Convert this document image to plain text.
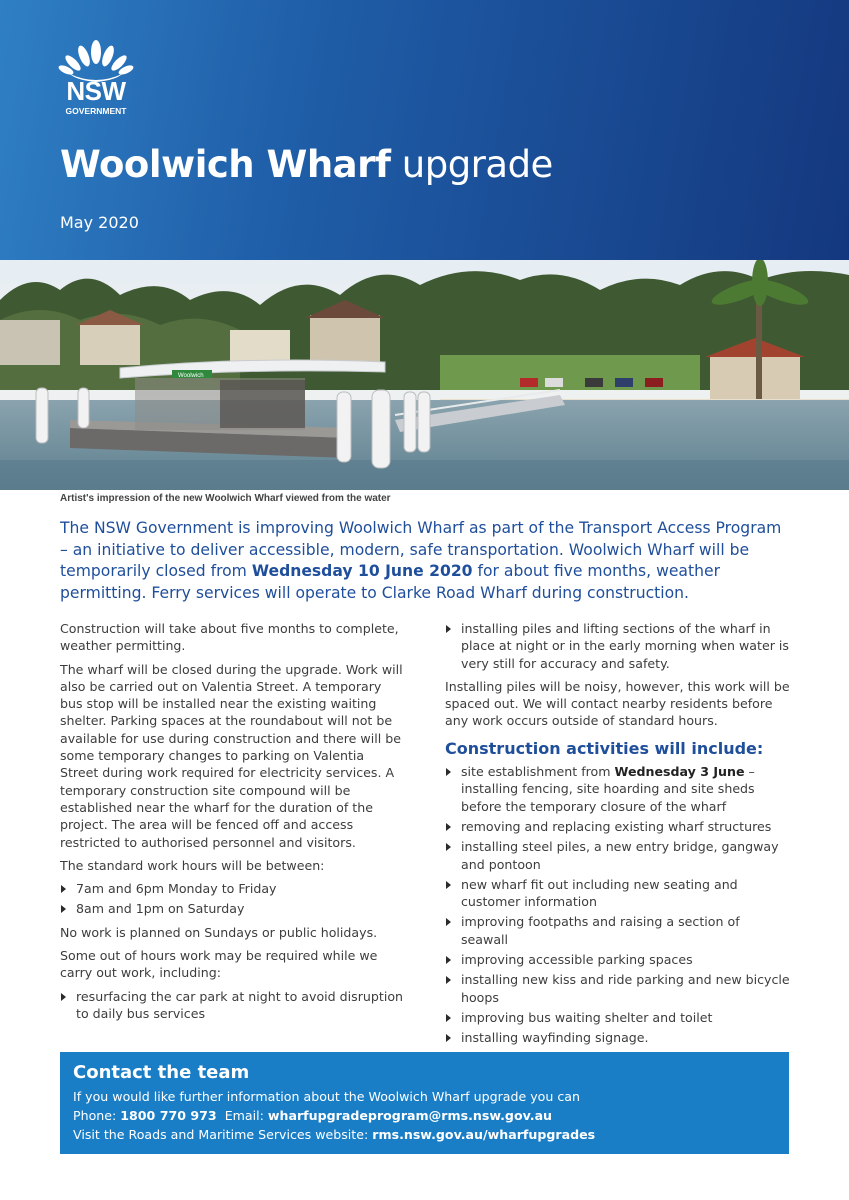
NSW
GOVERNMENT
Woolwich Wharf upgrade
May 2020
Woolwich
Artist's impression of the new Woolwich Wharf viewed from the water

The NSW Government is improving Woolwich Wharf as part of the Transport Access Program – an initiative to deliver accessible, modern, safe transportation. Woolwich Wharf will be temporarily closed from Wednesday 10 June 2020 for about five months, weather permitting. Ferry services will operate to Clarke Road Wharf during construction.

Construction will take about five months to complete, weather permitting.

The wharf will be closed during the upgrade. Work will also be carried out on Valentia Street. A temporary bus stop will be installed near the existing waiting shelter. Parking spaces at the roundabout will not be available for use during construction and there will be some temporary changes to parking on Valentia Street during work required for electricity services. A temporary construction site compound will be established near the wharf for the duration of the project. The area will be fenced off and access restricted to authorised personnel and visitors.

The standard work hours will be between:

7am and 6pm Monday to Friday
8am and 1pm on Saturday

No work is planned on Sundays or public holidays.

Some out of hours work may be required while we carry out work, including:

resurfacing the car park at night to avoid disruption to daily bus services
installing piles and lifting sections of the wharf in place at night or in the early morning when water is very still for accuracy and safety.

Installing piles will be noisy, however, this work will be spaced out. We will contact nearby residents before any work occurs outside of standard hours.

Construction activities will include:
site establishment from Wednesday 3 June – installing fencing, site hoarding and site sheds before the temporary closure of the wharf
removing and replacing existing wharf structures
installing steel piles, a new entry bridge, gangway and pontoon
new wharf fit out including new seating and customer information
improving footpaths and raising a section of seawall
improving accessible parking spaces
installing new kiss and ride parking and new bicycle hoops
improving bus waiting shelter and toilet
installing wayfinding signage.
Contact the team
If you would like further information about the Woolwich Wharf upgrade you can
Phone: 1800 770 973 Email: wharfupgradeprogram@rms.nsw.gov.au
Visit the Roads and Maritime Services website: rms.nsw.gov.au/wharfupgrades
